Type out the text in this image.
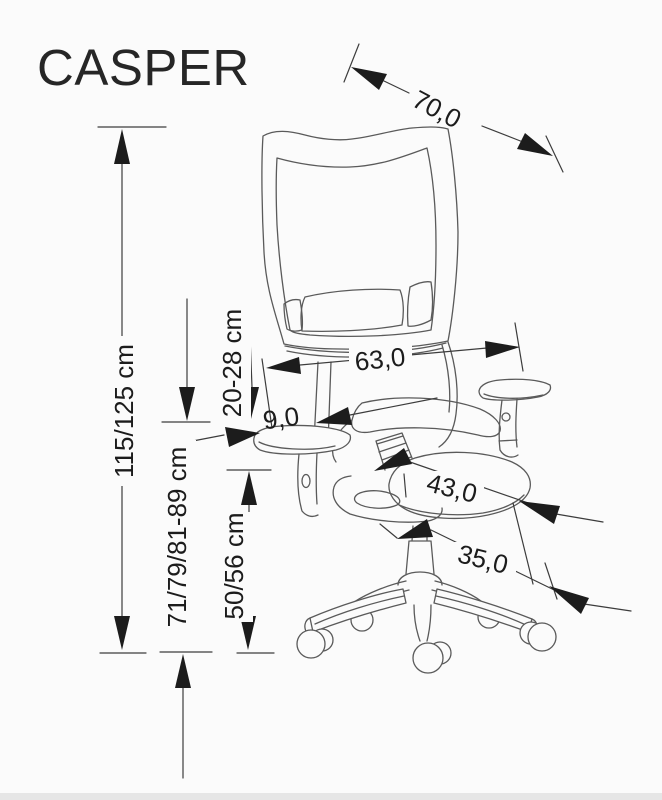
CASPER
115/125 cm
71/79/81-89 cm
20-28 cm
50/56 cm
70,0
63,0
9,0
43,0
35,0
